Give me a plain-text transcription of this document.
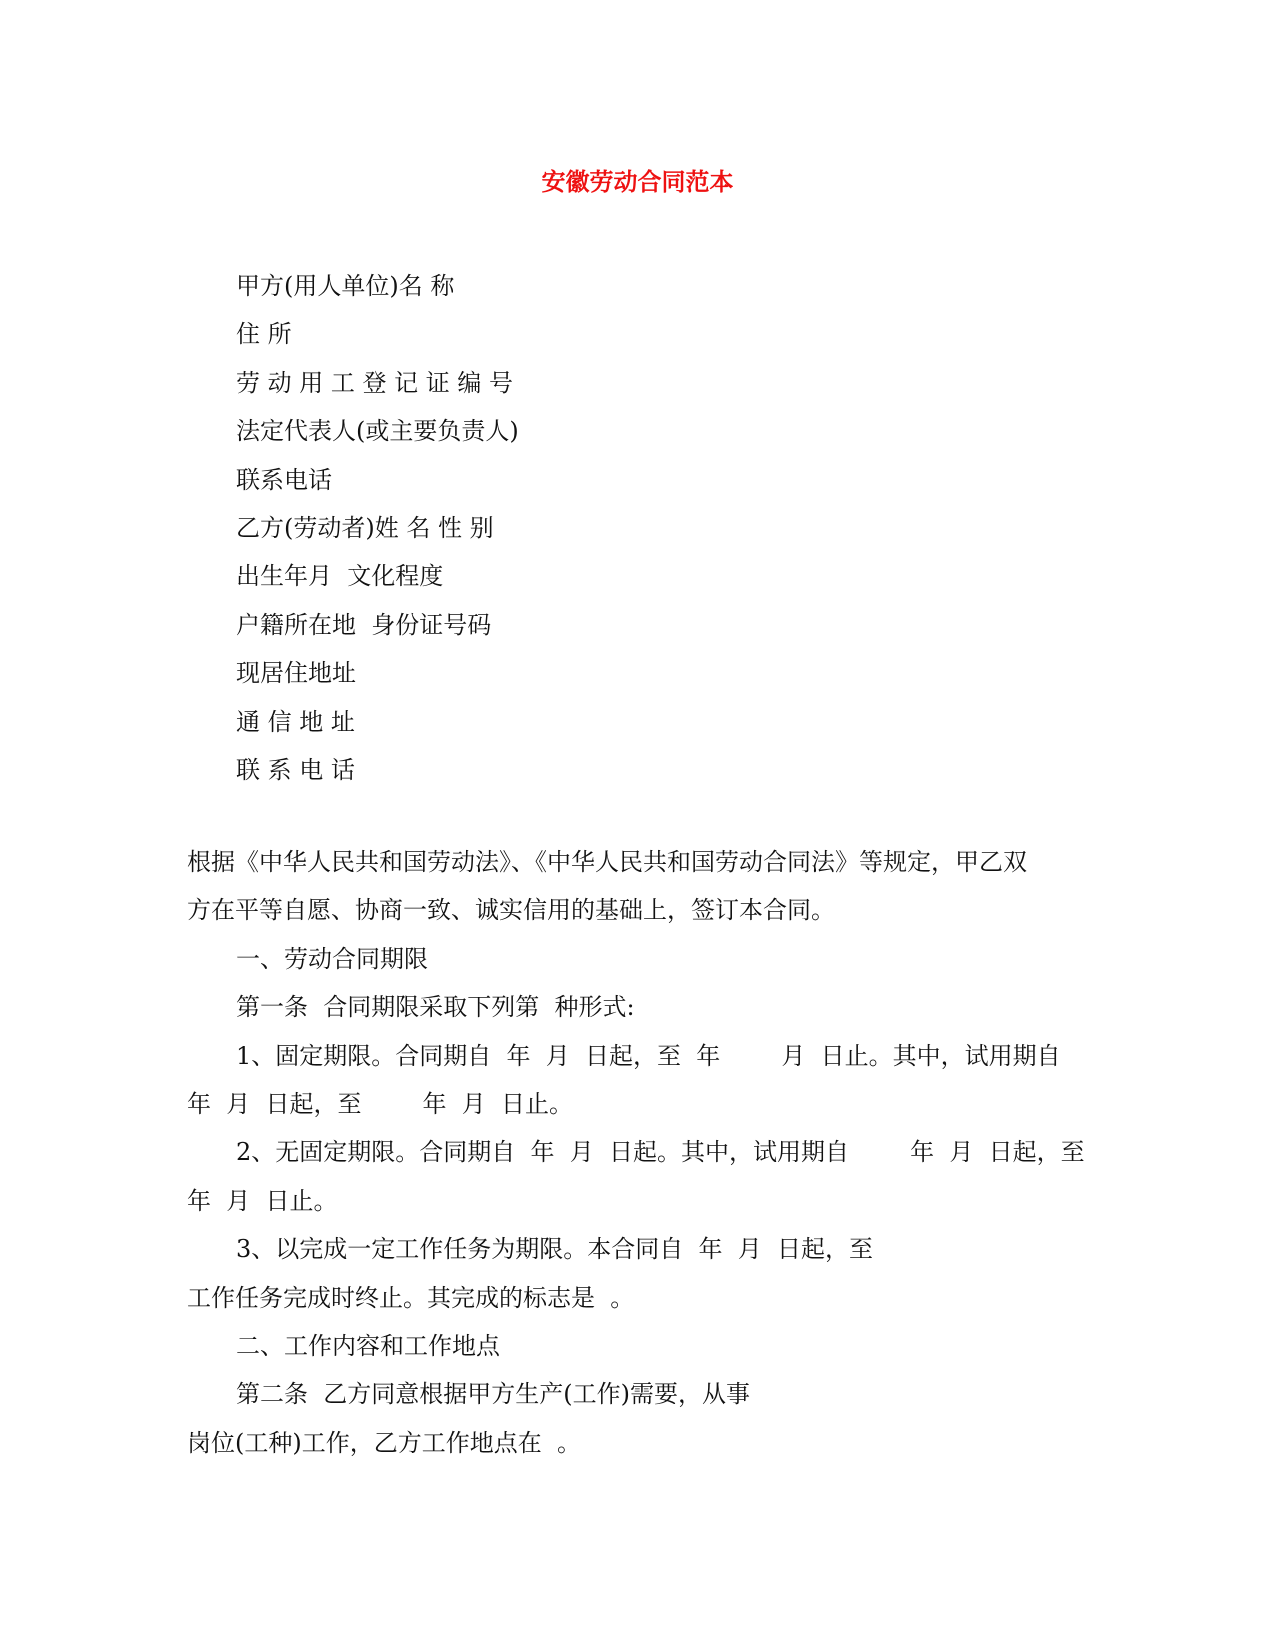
安徽劳动合同范本
甲方(用人单位)名 称
住 所
劳 动 用 工 登 记 证 编 号
法定代表人(或主要负责人)
联系电话
乙方(劳动者)姓 名 性 别
出生年月  文化程度
户籍所在地  身份证号码
现居住地址
通 信 地 址
联 系 电 话

根据《中华人民共和国劳动法》、《中华人民共和国劳动合同法》等规定，甲乙双

方在平等自愿、协商一致、诚实信用的基础上，签订本合同。

一、劳动合同期限

第一条  合同期限采取下列第  种形式:

1、固定期限。合同期自  年  月  日起，至  年        月  日止。其中，试用期自

年  月  日起，至        年  月  日止。

2、无固定期限。合同期自  年  月  日起。其中，试用期自        年  月  日起，至

年  月  日止。

3、以完成一定工作任务为期限。本合同自  年  月  日起，至

工作任务完成时终止。其完成的标志是  。

二、工作内容和工作地点

第二条  乙方同意根据甲方生产(工作)需要，从事

岗位(工种)工作，乙方工作地点在  。
